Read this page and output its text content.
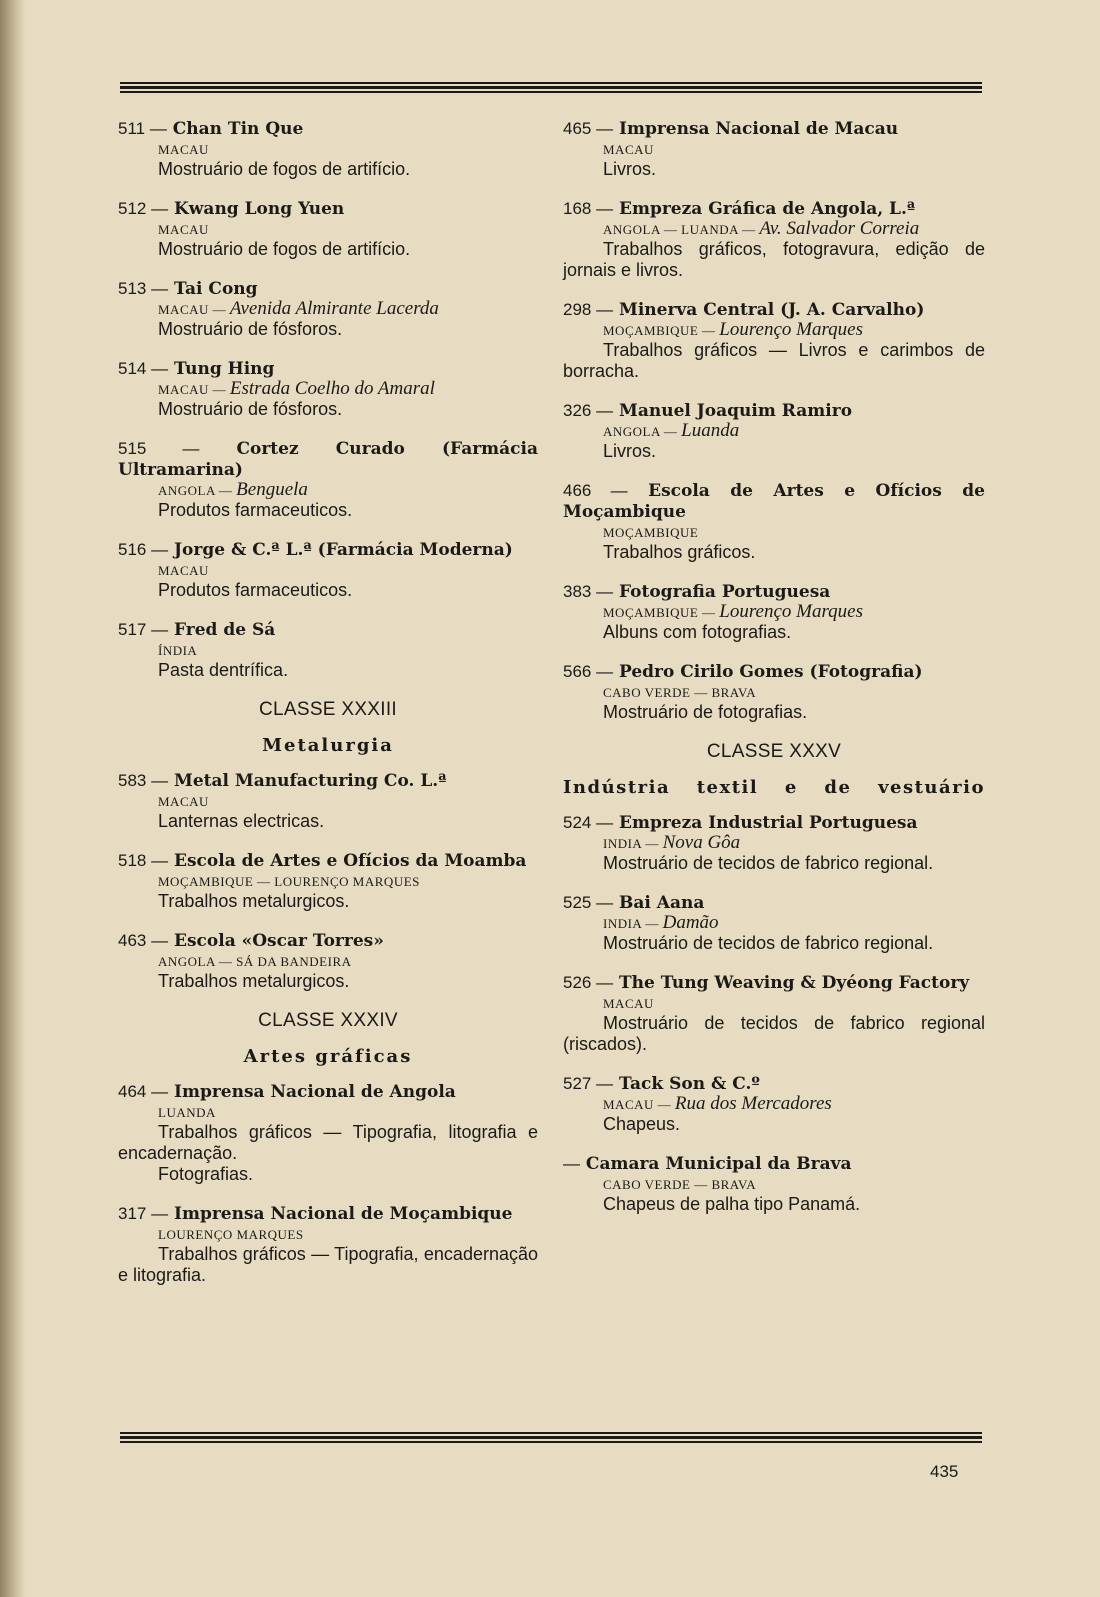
511 — Chan Tin Que
MACAU
Mostruário de fogos de artifício.
512 — Kwang Long Yuen
MACAU
Mostruário de fogos de artifício.
513 — Tai Cong
MACAU — Avenida Almirante Lacerda
Mostruário de fósforos.
514 — Tung Hing
MACAU — Estrada Coelho do Amaral
Mostruário de fósforos.
515 — Cortez Curado (Farmácia Ultramarina)
ANGOLA — Benguela
Produtos farmaceuticos.
516 — Jorge & C.ª L.ª (Farmácia Moderna)
MACAU
Produtos farmaceuticos.
517 — Fred de Sá
ÍNDIA
Pasta dentrífica.
CLASSE XXXIII
Metalurgia
583 — Metal Manufacturing Co. L.ª
MACAU
Lanternas electricas.
518 — Escola de Artes e Ofícios da Moamba
MOÇAMBIQUE — LOURENÇO MARQUES
Trabalhos metalurgicos.
463 — Escola «Oscar Torres»
ANGOLA — SÁ DA BANDEIRA
Trabalhos metalurgicos.
CLASSE XXXIV
Artes gráficas
464 — Imprensa Nacional de Angola
LUANDA
Trabalhos gráficos — Tipografia, litografia e encadernação.
Fotografias.
317 — Imprensa Nacional de Moçambique
LOURENÇO MARQUES
Trabalhos gráficos — Tipografia, encadernação e litografia.
465 — Imprensa Nacional de Macau
MACAU
Livros.
168 — Empreza Gráfica de Angola, L.ª
ANGOLA — LUANDA — Av. Salvador Correia
Trabalhos gráficos, fotogravura, edição de jornais e livros.
298 — Minerva Central (J. A. Carvalho)
MOÇAMBIQUE — Lourenço Marques
Trabalhos gráficos — Livros e carimbos de borracha.
326 — Manuel Joaquim Ramiro
ANGOLA — Luanda
Livros.
466 — Escola de Artes e Ofícios de Moçambique
MOÇAMBIQUE
Trabalhos gráficos.
383 — Fotografia Portuguesa
MOÇAMBIQUE — Lourenço Marques
Albuns com fotografias.
566 — Pedro Cirilo Gomes (Fotografia)
CABO VERDE — BRAVA
Mostruário de fotografias.
CLASSE XXXV
Indústria textil e de vestuário
524 — Empreza Industrial Portuguesa
INDIA — Nova Gôa
Mostruário de tecidos de fabrico regional.
525 — Bai Aana
INDIA — Damão
Mostruário de tecidos de fabrico regional.
526 — The Tung Weaving & Dyéong Factory
MACAU
Mostruário de tecidos de fabrico regional (riscados).
527 — Tack Son & C.º
MACAU — Rua dos Mercadores
Chapeus.
— Camara Municipal da Brava
CABO VERDE — BRAVA
Chapeus de palha tipo Panamá.
435
